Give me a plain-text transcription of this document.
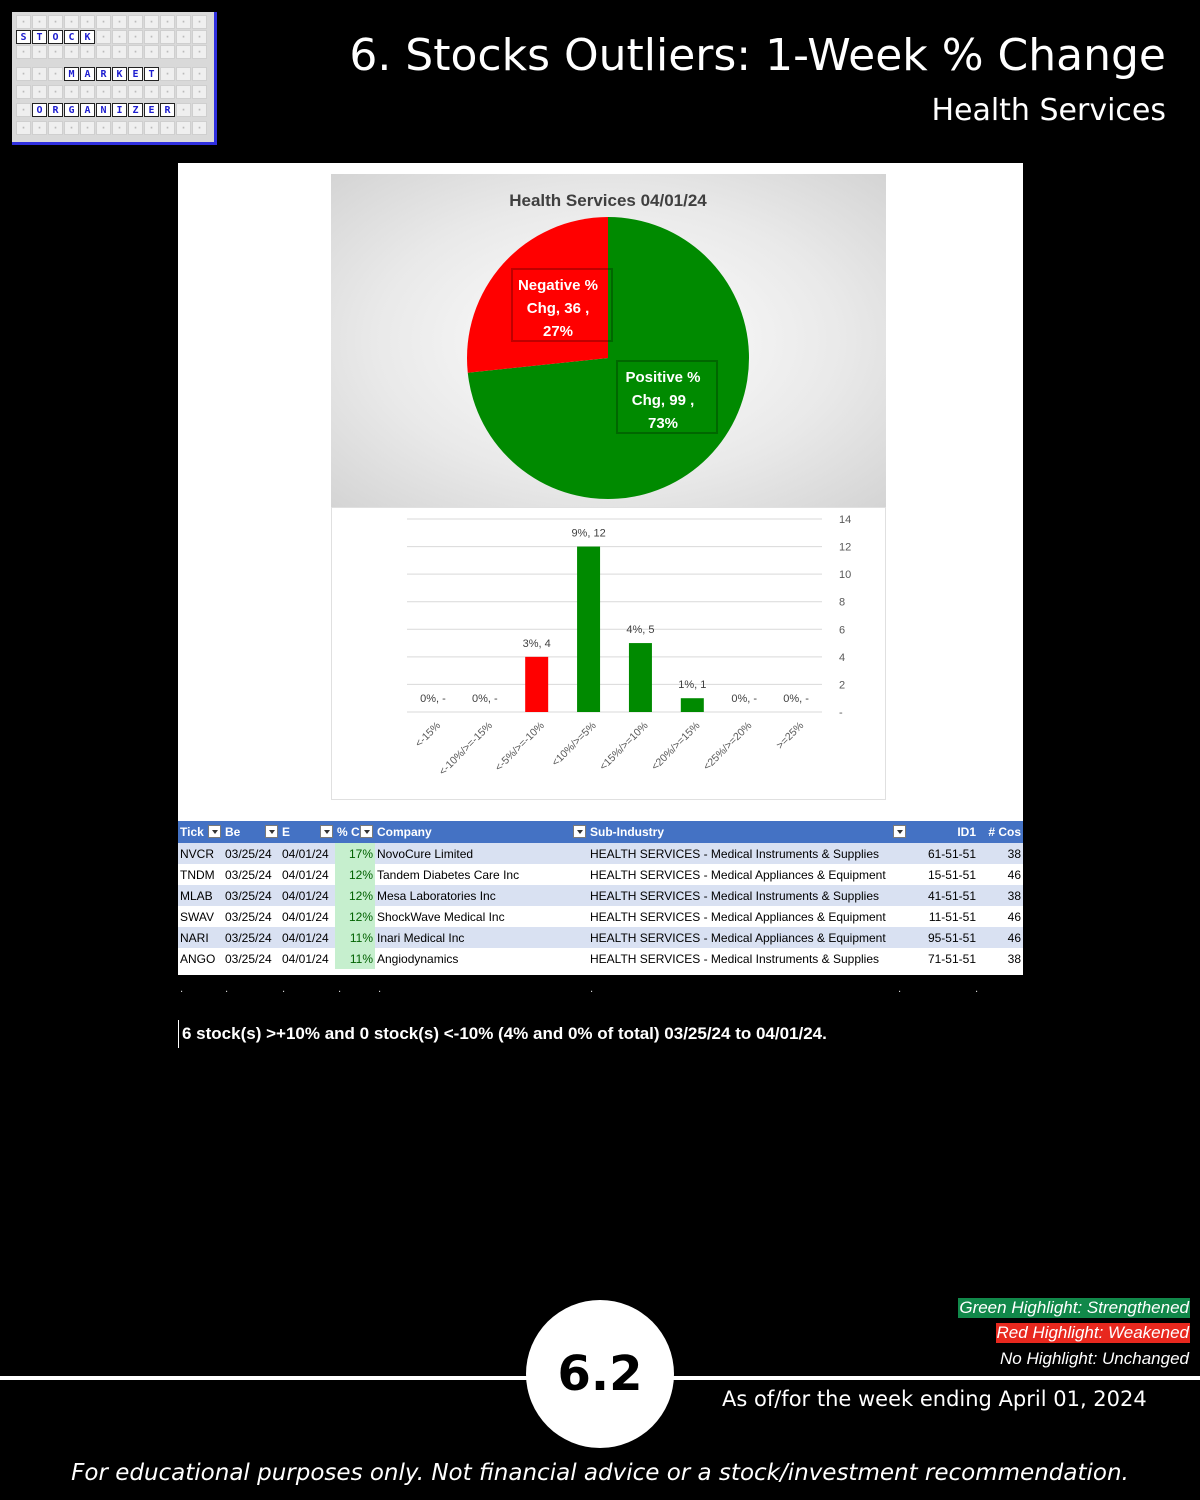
· · · · · · · · · · · ·
S T O C K · · · · · · ·
· · · · · · · · · · · ·
· · · M A R K E T · · ·
· · · · · · · · · · · ·
· O R G A N I Z E R · ·
· · · · · · · · · · · ·
6. Stocks Outliers: 1-Week % Change
Health Services
Health Services 04/01/24
Positive %
Chg, 99 ,
73%
Negative %
Chg, 36 ,
27%
-
2
4
6
8
10
12
14
0%, -
<-15%
0%, -
<-10%/>=-15%
3%, 4
<-5%/>=-10%
9%, 12
<10%/>=5%
4%, 5
<15%/>=10%
1%, 1
<20%/>=15%
0%, -
<25%/>=20%
0%, -
>=25%
Tick	Be	E	% C	Company	Sub-Industry	ID1	# Cos
NVCR	03/25/24	04/01/24	17%	NovoCure Limited	HEALTH SERVICES - Medical Instruments & Supplies	61-51-51	38
TNDM	03/25/24	04/01/24	12%	Tandem Diabetes Care Inc	HEALTH SERVICES - Medical Appliances & Equipment	15-51-51	46
MLAB	03/25/24	04/01/24	12%	Mesa Laboratories Inc	HEALTH SERVICES - Medical Instruments & Supplies	41-51-51	38
SWAV	03/25/24	04/01/24	12%	ShockWave Medical Inc	HEALTH SERVICES - Medical Appliances & Equipment	11-51-51	46
NARI	03/25/24	04/01/24	11%	Inari Medical Inc	HEALTH SERVICES - Medical Appliances & Equipment	95-51-51	46
ANGO	03/25/24	04/01/24	11%	Angiodynamics	HEALTH SERVICES - Medical Instruments & Supplies	71-51-51	38
.	.	.	.	.	.	.	.
6 stock(s) >+10% and 0 stock(s) <-10% (4% and 0% of total) 03/25/24 to 04/01/24.
Green Highlight: Strengthened
Red Highlight: Weakened
No Highlight: Unchanged
6.2	As of/for the week ending April 01, 2024
For educational purposes only. Not financial advice or a stock/investment recommendation.
